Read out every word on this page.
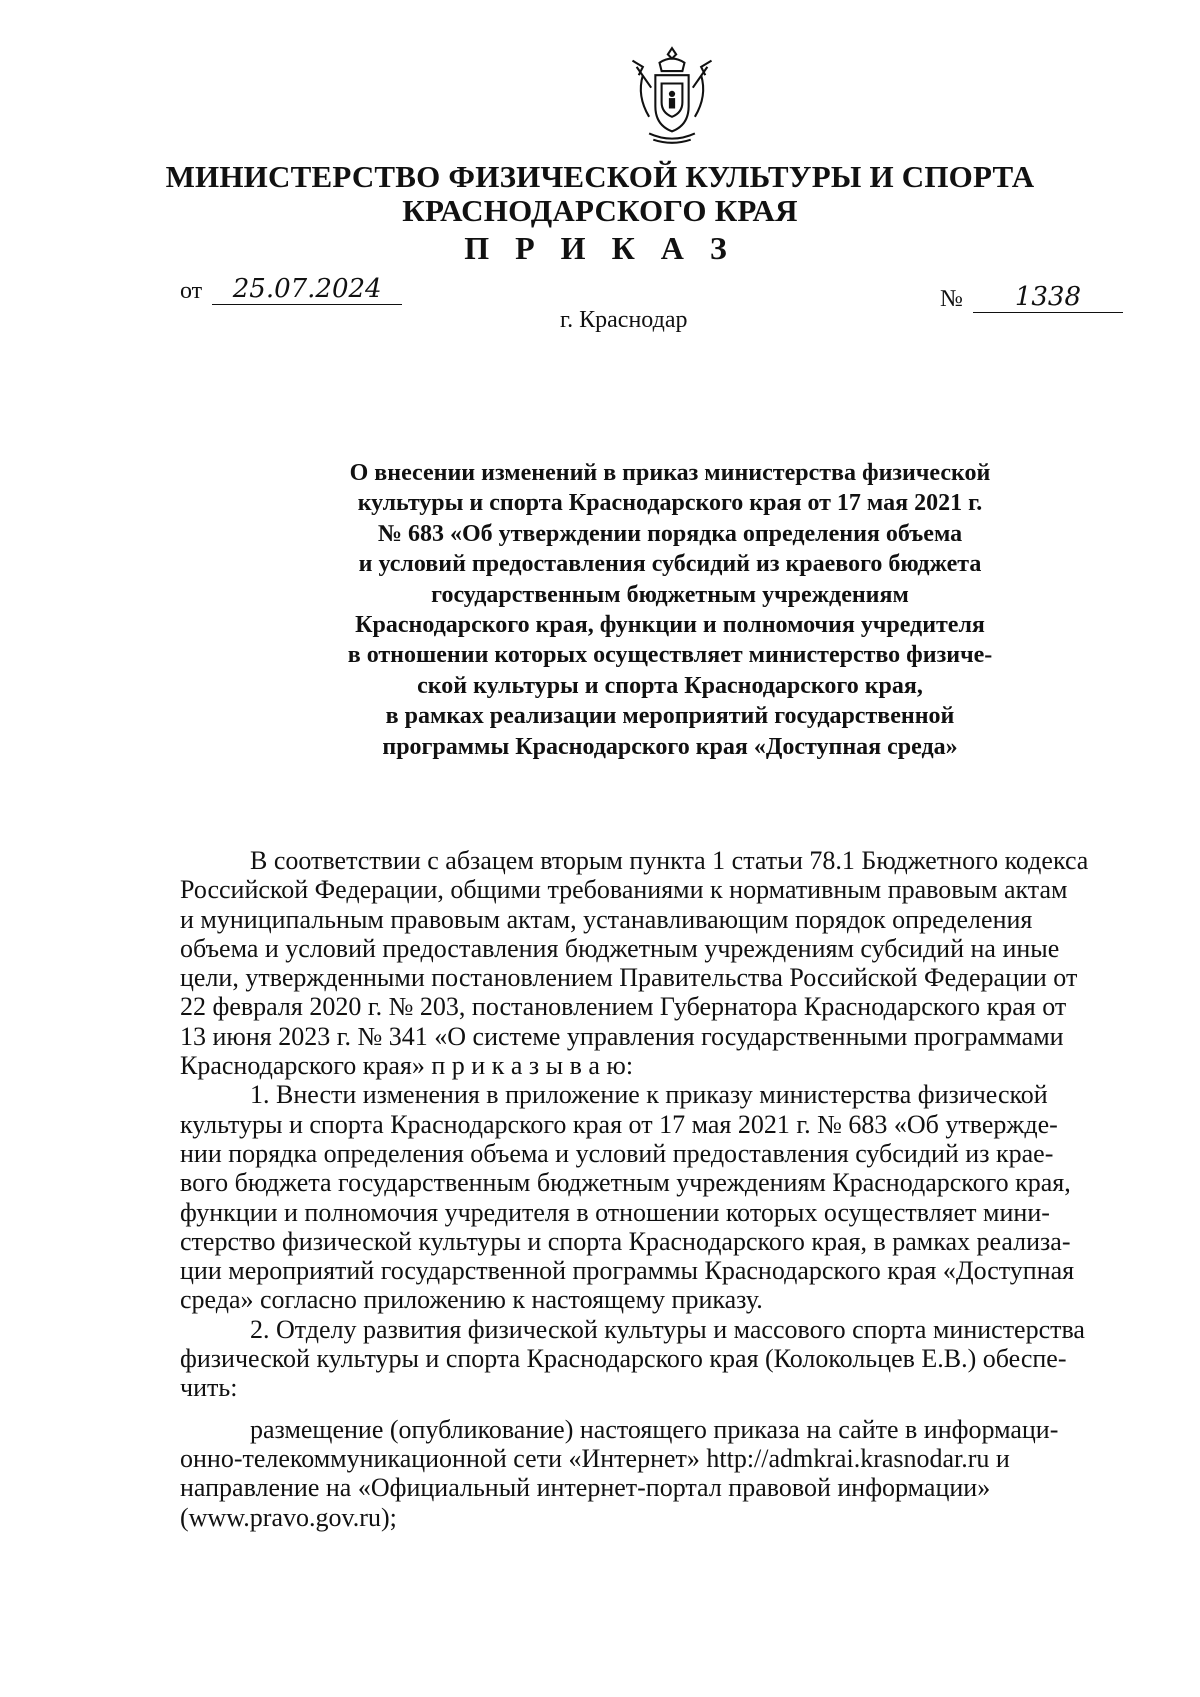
МИНИСТЕРСТВО ФИЗИЧЕСКОЙ КУЛЬТУРЫ И СПОРТА
КРАСНОДАРСКОГО КРАЯ
П Р И К А З
от 25.07.2024	№ 1338
г. Краснодар
О внесении изменений в приказ министерства физической
культуры и спорта Краснодарского края от 17 мая 2021 г.
№ 683 «Об утверждении порядка определения объема
и условий предоставления субсидий из краевого бюджета
государственным бюджетным учреждениям
Краснодарского края, функции и полномочия учредителя
в отношении которых осуществляет министерство физиче-
ской культуры и спорта Краснодарского края,
в рамках реализации мероприятий государственной
программы Краснодарского края «Доступная среда»
В соответствии с абзацем вторым пункта 1 статьи 78.1 Бюджетного кодекса
Российской Федерации, общими требованиями к нормативным правовым актам
и муниципальным правовым актам, устанавливающим порядок определения
объема и условий предоставления бюджетным учреждениям субсидий на иные
цели, утвержденными постановлением Правительства Российской Федерации от
22 февраля 2020 г. № 203, постановлением Губернатора Краснодарского края от
13 июня 2023 г. № 341 «О системе управления государственными программами
Краснодарского края» п р и к а з ы в а ю:
1. Внести изменения в приложение к приказу министерства физической
культуры и спорта Краснодарского края от 17 мая 2021 г. № 683 «Об утвержде-
нии порядка определения объема и условий предоставления субсидий из крае-
вого бюджета государственным бюджетным учреждениям Краснодарского края,
функции и полномочия учредителя в отношении которых осуществляет мини-
стерство физической культуры и спорта Краснодарского края, в рамках реализа-
ции мероприятий государственной программы Краснодарского края «Доступная
среда» согласно приложению к настоящему приказу.
2. Отделу развития физической культуры и массового спорта министерства
физической культуры и спорта Краснодарского края (Колокольцев Е.В.) обеспе-
чить:
размещение (опубликование) настоящего приказа на сайте в информаци-
онно-телекоммуникационной сети «Интернет» http://admkrai.krasnodar.ru и
направление на «Официальный интернет-портал правовой информации»
(www.pravo.gov.ru);
